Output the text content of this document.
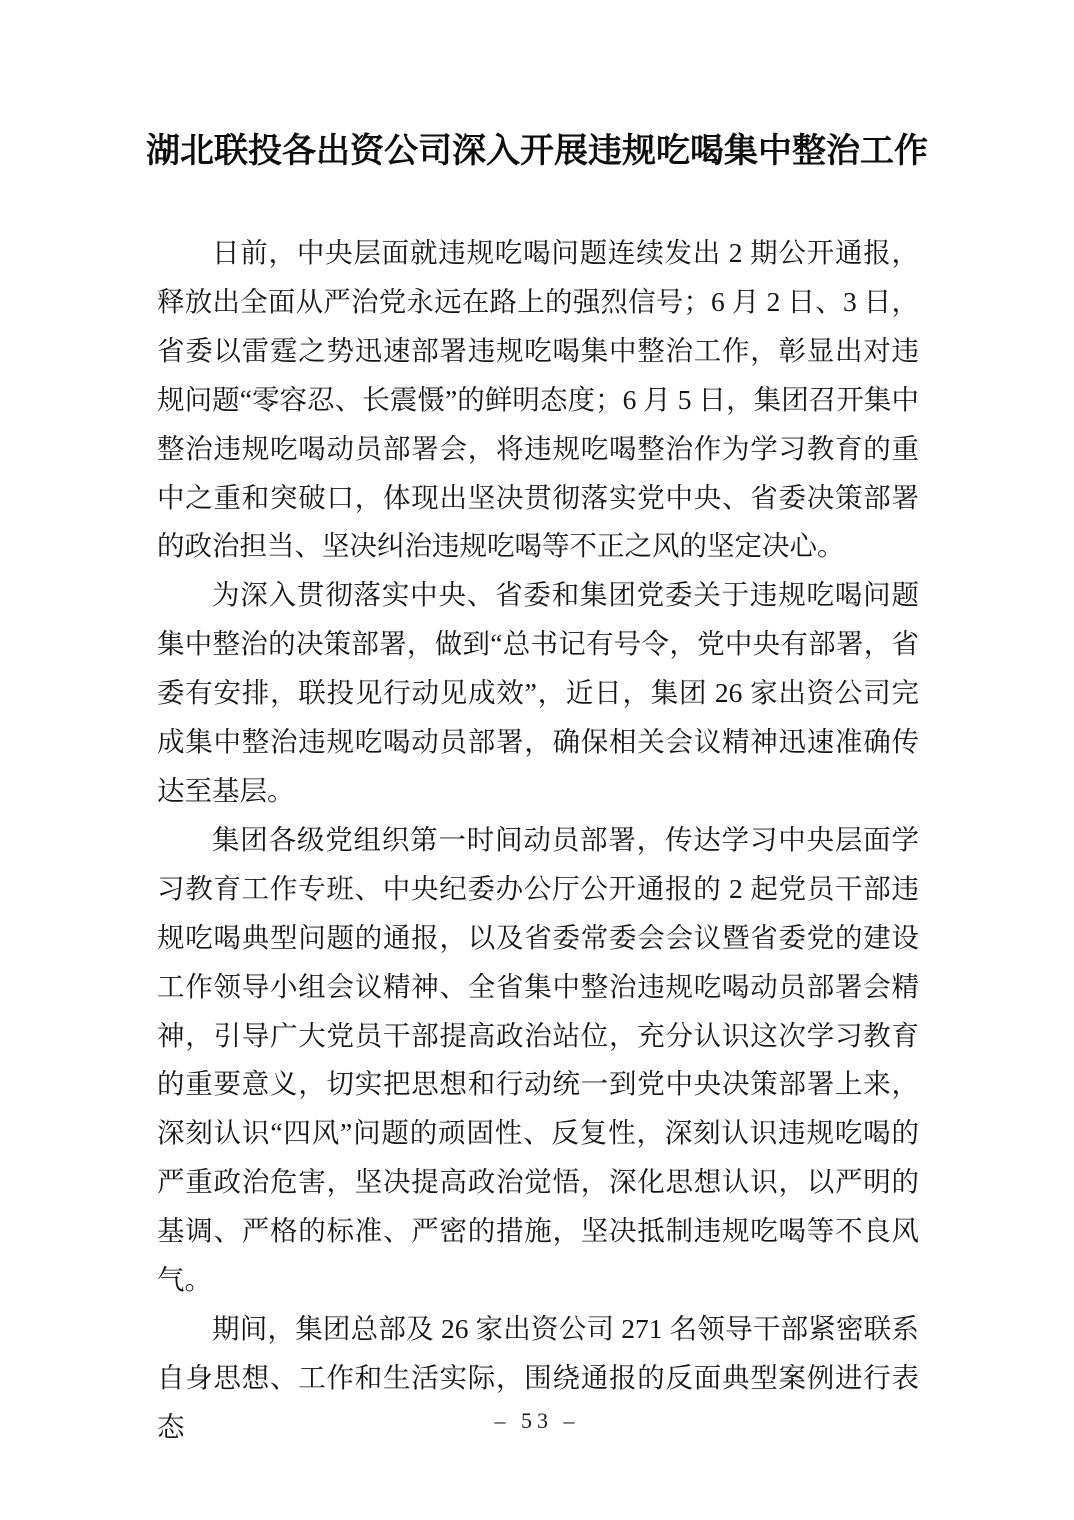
湖北联投各出资公司深入开展违规吃喝集中整治工作

日前，中央层面就违规吃喝问题连续发出 2 期公开通报，释放出全面从严治党永远在路上的强烈信号；6 月 2 日、3 日，省委以雷霆之势迅速部署违规吃喝集中整治工作，彰显出对违规问题“零容忍、长震慑”的鲜明态度；6 月 5 日，集团召开集中整治违规吃喝动员部署会，将违规吃喝整治作为学习教育的重中之重和突破口，体现出坚决贯彻落实党中央、省委决策部署的政治担当、坚决纠治违规吃喝等不正之风的坚定决心。

为深入贯彻落实中央、省委和集团党委关于违规吃喝问题集中整治的决策部署，做到“总书记有号令，党中央有部署，省委有安排，联投见行动见成效”，近日，集团 26 家出资公司完成集中整治违规吃喝动员部署，确保相关会议精神迅速准确传达至基层。

集团各级党组织第一时间动员部署，传达学习中央层面学习教育工作专班、中央纪委办公厅公开通报的 2 起党员干部违规吃喝典型问题的通报，以及省委常委会会议暨省委党的建设工作领导小组会议精神、全省集中整治违规吃喝动员部署会精神，引导广大党员干部提高政治站位，充分认识这次学习教育的重要意义，切实把思想和行动统一到党中央决策部署上来，深刻认识“四风”问题的顽固性、反复性，深刻认识违规吃喝的严重政治危害，坚决提高政治觉悟，深化思想认识，以严明的基调、严格的标准、严密的措施，坚决抵制违规吃喝等不良风气。

期间，集团总部及 26 家出资公司 271 名领导干部紧密联系自身思想、工作和生活实际，围绕通报的反面典型案例进行表态	– 53 –
